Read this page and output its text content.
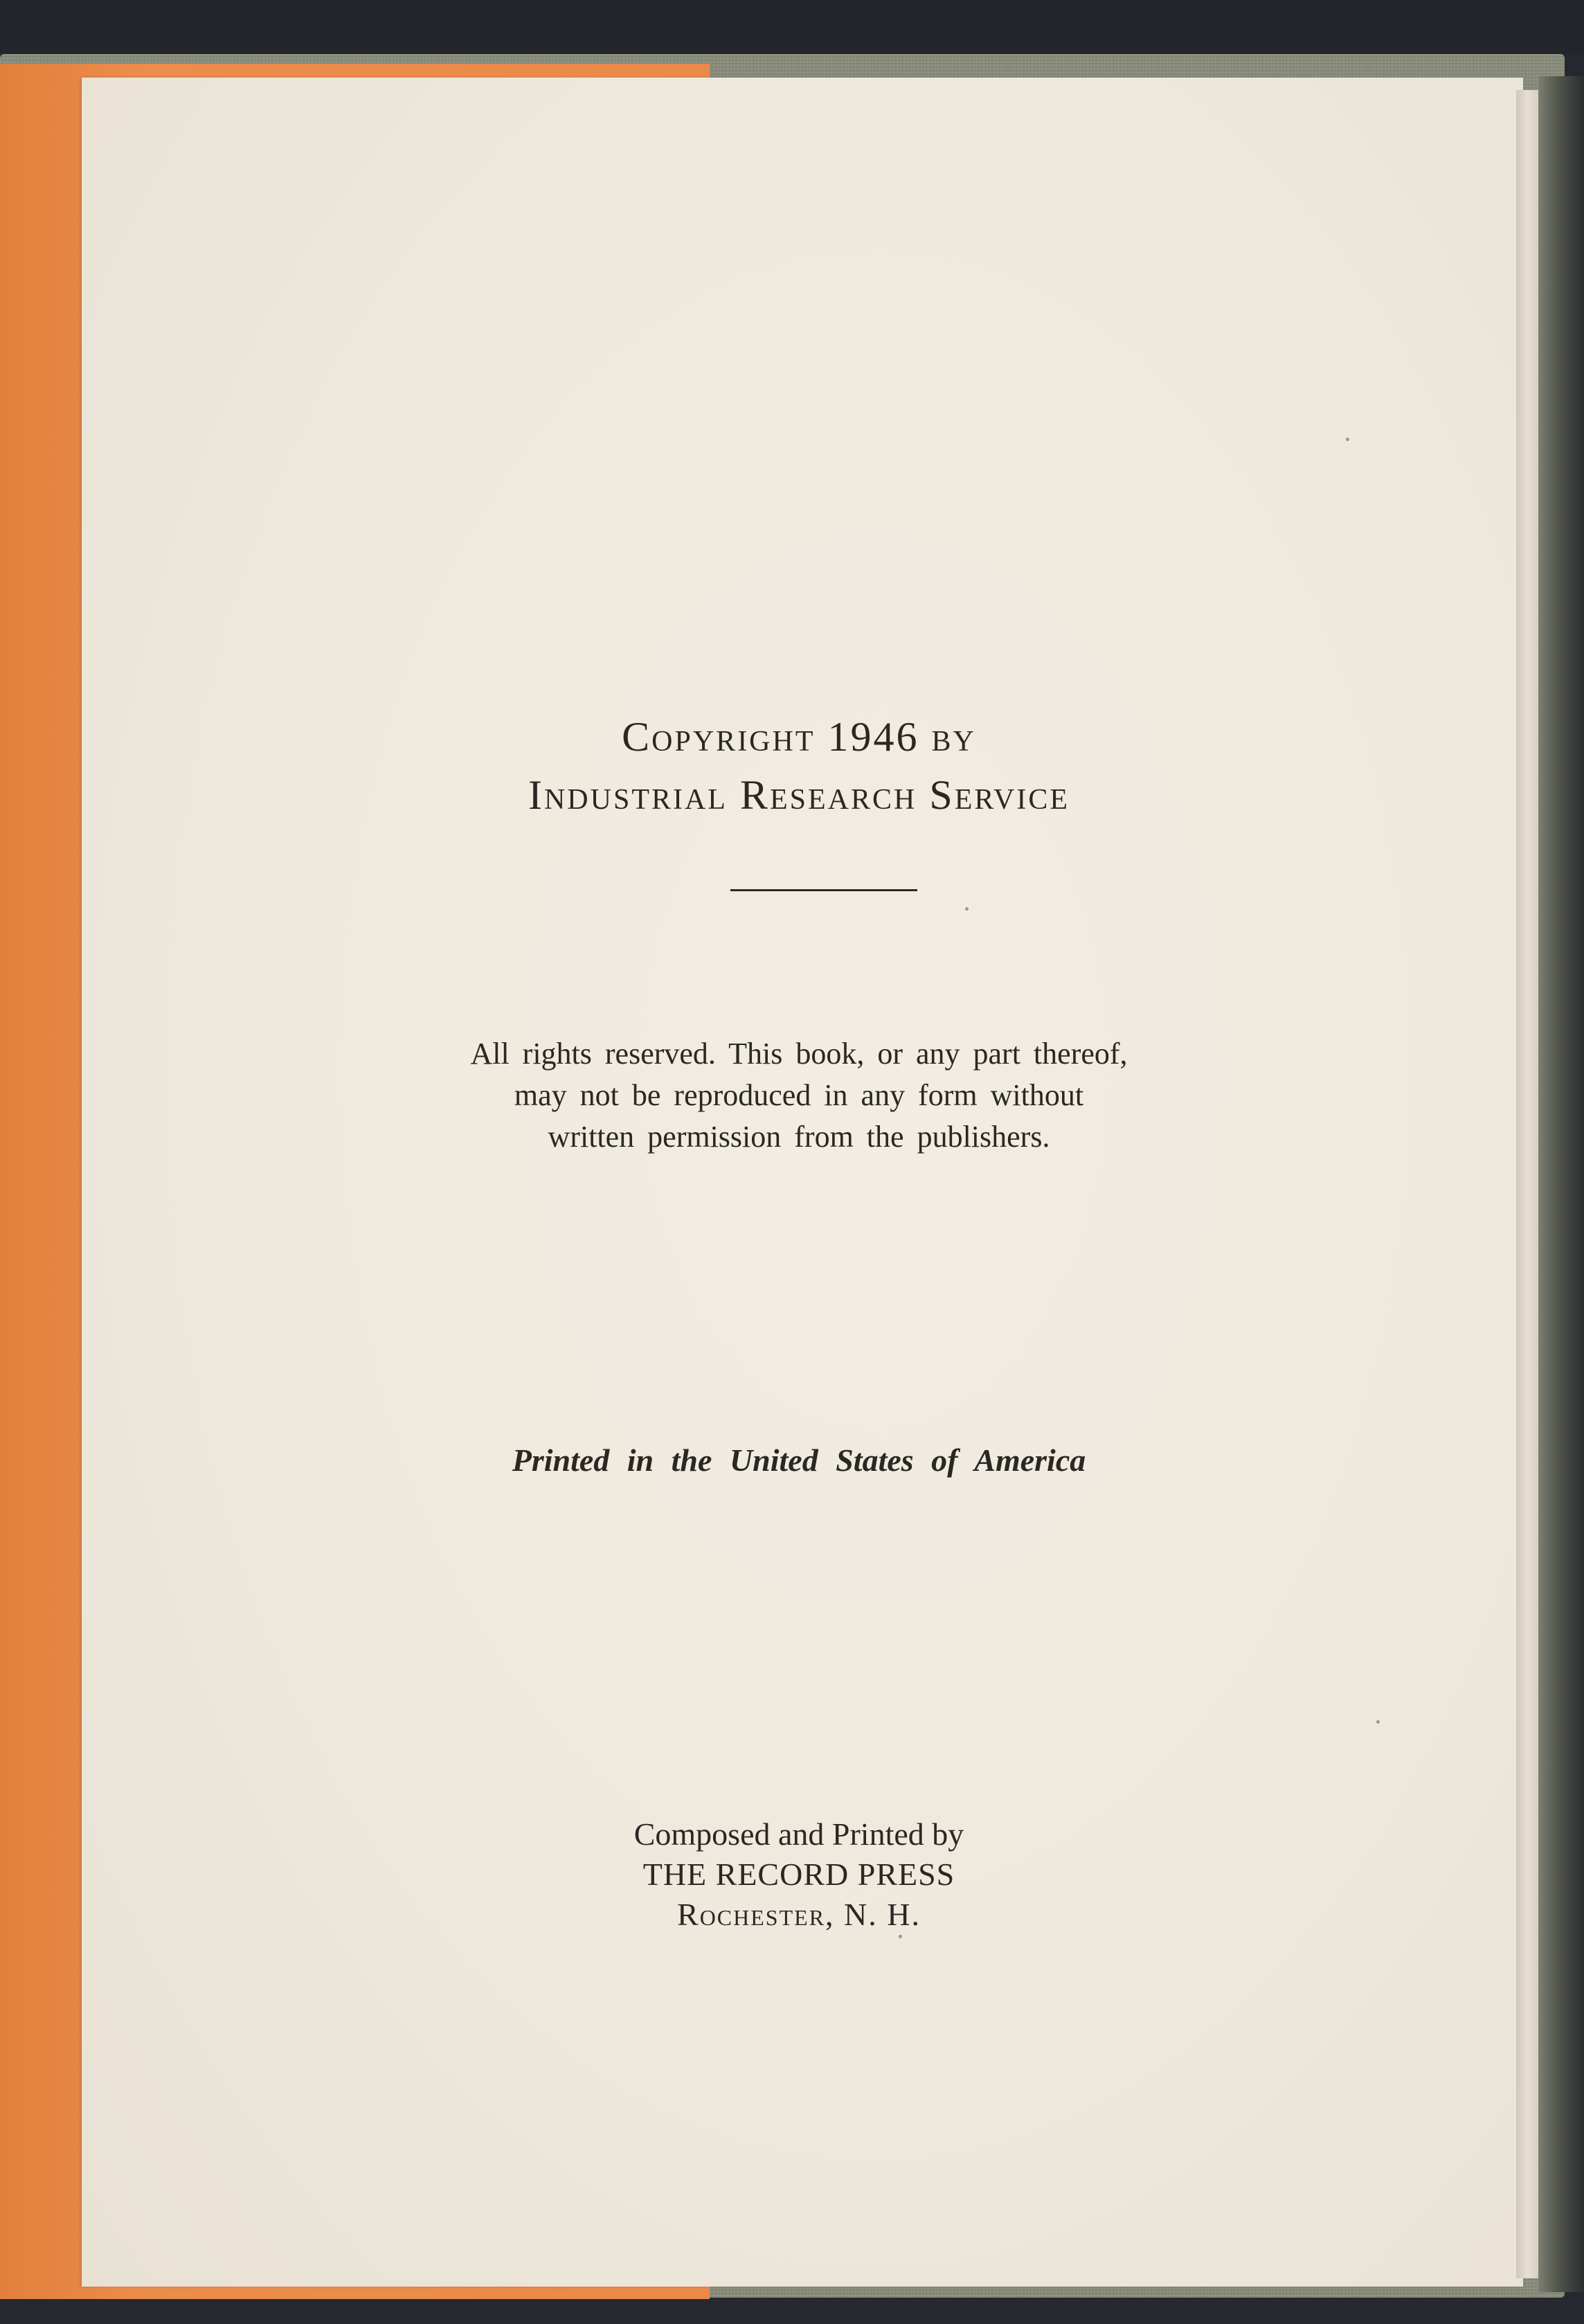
Copyright 1946 by

Industrial Research Service

All rights reserved. This book, or any part thereof,

may not be reproduced in any form without

written permission from the publishers.

Printed in the United States of America

Composed and Printed by

THE RECORD PRESS

Rochester, N. H.
